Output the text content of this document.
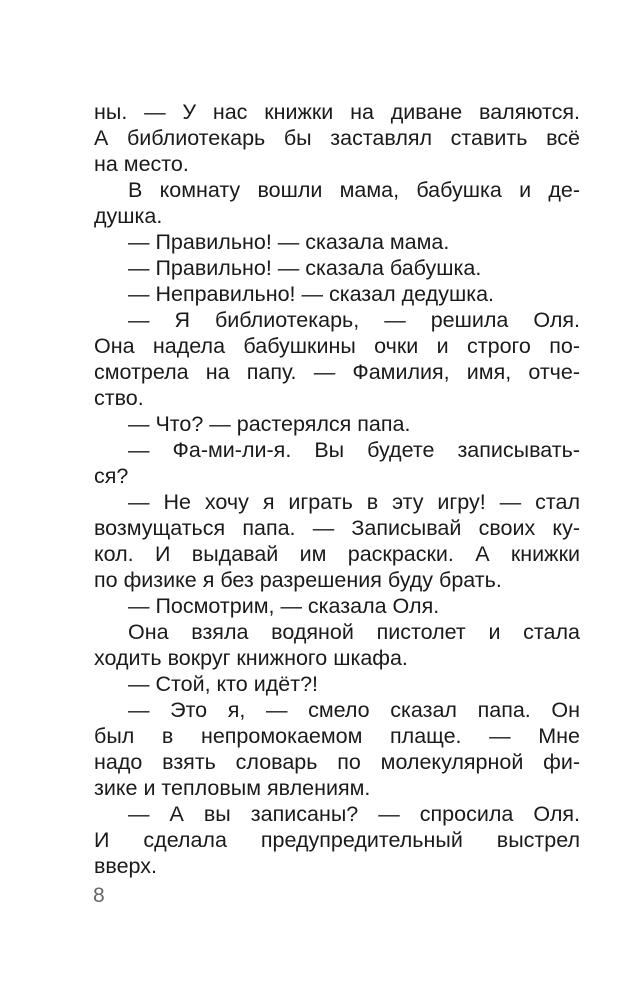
ны. — У нас книжки на диване валяются.
А библиотекарь бы заставлял ставить всё
на место.
В комнату вошли мама, бабушка и де-
душка.
— Правильно! — сказала мама.
— Правильно! — сказала бабушка.
— Неправильно! — сказал дедушка.
— Я библиотекарь, — решила Оля.
Она надела бабушкины очки и строго по-
смотрела на папу. — Фамилия, имя, отче-
ство.
— Что? — растерялся папа.
— Фа-ми-ли-я. Вы будете записывать-
ся?
— Не хочу я играть в эту игру! — стал
возмущаться папа. — Записывай своих ку-
кол. И выдавай им раскраски. А книжки
по физике я без разрешения буду брать.
— Посмотрим, — сказала Оля.
Она взяла водяной пистолет и стала
ходить вокруг книжного шкафа.
— Стой, кто идёт?!
— Это я, — смело сказал папа. Он
был в непромокаемом плаще. — Мне
надо взять словарь по молекулярной фи-
зике и тепловым явлениям.
— А вы записаны? — спросила Оля.
И сделала предупредительный выстрел
вверх.
8
